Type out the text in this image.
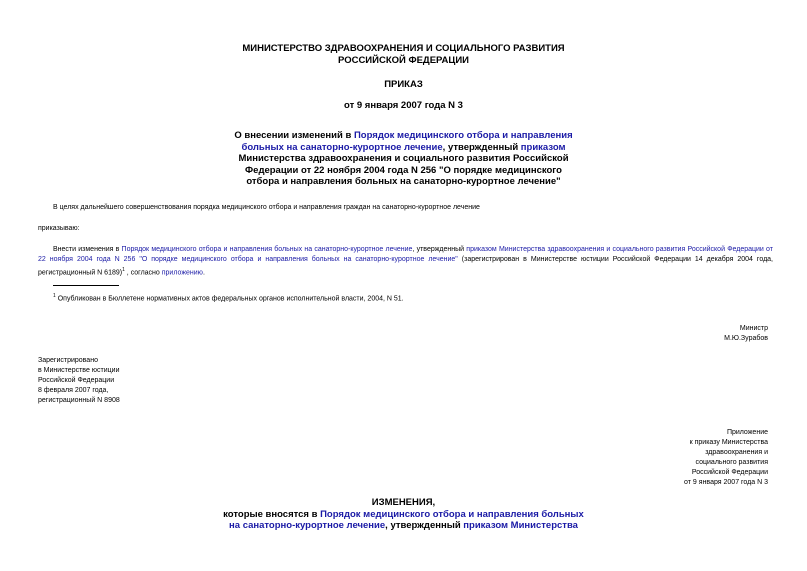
МИНИСТЕРСТВО ЗДРАВООХРАНЕНИЯ И СОЦИАЛЬНОГО РАЗВИТИЯ
РОССИЙСКОЙ ФЕДЕРАЦИИ
ПРИКАЗ
от 9 января 2007 года N 3
О внесении изменений в Порядок медицинского отбора и направления
больных на санаторно-курортное лечение, утвержденный приказом
Министерства здравоохранения и социального развития Российской
Федерации от 22 ноября 2004 года N 256 "О порядке медицинского
отбора и направления больных на санаторно-курортное лечение"
В целях дальнейшего совершенствования порядка медицинского отбора и направления граждан на санаторно-курортное лечение
приказываю:
Внести изменения в Порядок медицинского отбора и направления больных на санаторно-курортное лечение, утвержденный приказом Министерства здравоохранения и социального развития Российской Федерации от 22 ноября 2004 года N 256 "О порядке медицинского отбора и направления больных на санаторно-курортное лечение" (зарегистрирован в Министерстве юстиции Российской Федерации 14 декабря 2004 года, регистрационный N 6189)$^1$ , согласно приложению.
$^1$ Опубликован в Бюллетене нормативных актов федеральных органов исполнительной власти, 2004, N 51.
Министр
М.Ю.Зурабов
Зарегистрировано
в Министерстве юстиции
Российской Федерации
8 февраля 2007 года,
регистрационный N 8908
Приложение
к приказу Министерства
здравоохранения и
социального развития
Российской Федерации
от 9 января 2007 года N 3
ИЗМЕНЕНИЯ,
которые вносятся в Порядок медицинского отбора и направления больных
на санаторно-курортное лечение, утвержденный приказом Министерства
